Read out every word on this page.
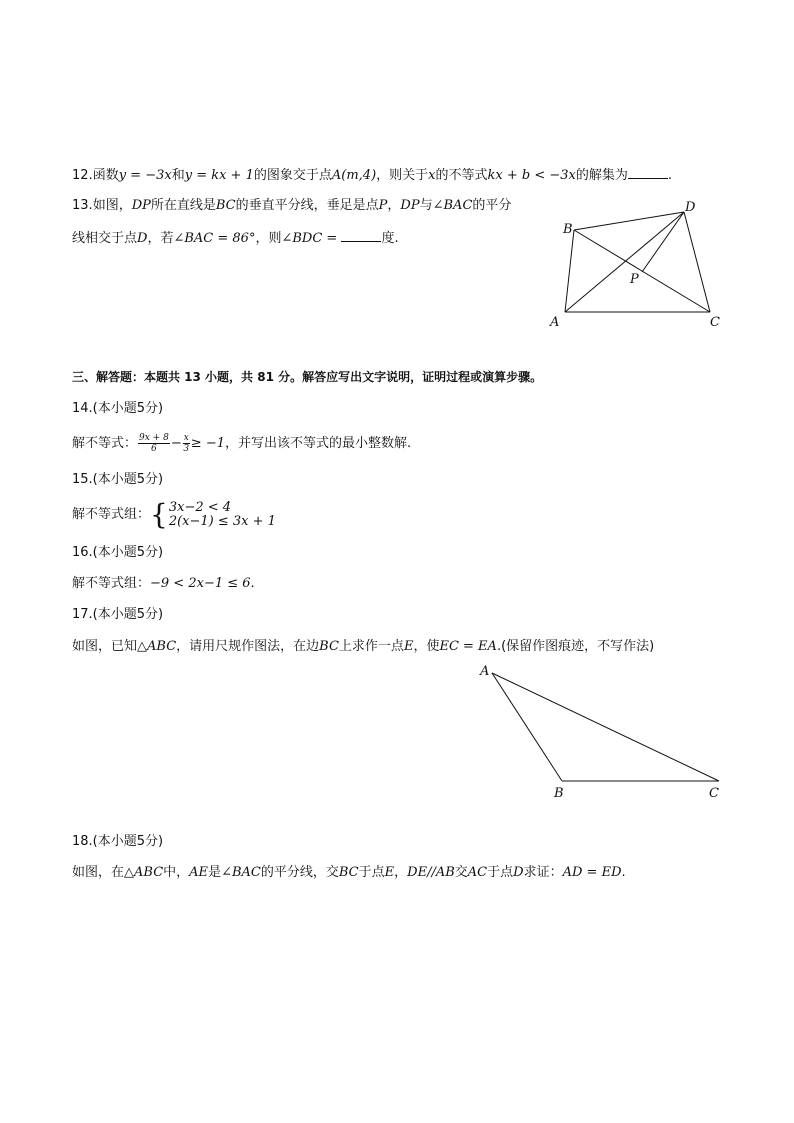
12.函数y = −3x和y = kx + 1的图象交于点A(m,4)，则关于x的不等式kx + b < −3x的解集为	.
13.如图，DP所在直线是BC的垂直平分线，垂足是点P，DP与∠BAC的平分
线相交于点D，若∠BAC = 86°，则∠BDC =	度.
B
D
P
A	C
三、解答题：本题共 13 小题，共 81 分。解答应写出文字说明，证明过程或演算步骤。
14.(本小题5分)
解不等式： $\frac{9x + 8}{6} - \frac{x}{3} \ge -1$，并写出该不等式的最小整数解.
15.(本小题5分)
解不等式组： { 3x−2 < 4
2(x−1) ≤ 3x + 1
16.(本小题5分)
解不等式组：−9 < 2x−1 ≤ 6.
17.(本小题5分)
如图，已知△ABC，请用尺规作图法，在边BC上求作一点E，使EC = EA.(保留作图痕迹，不写作法)
A
B	C
18.(本小题5分)
如图，在△ABC中，AE是∠BAC的平分线，交BC于点E，DE//AB交AC于点D求证：AD = ED.
